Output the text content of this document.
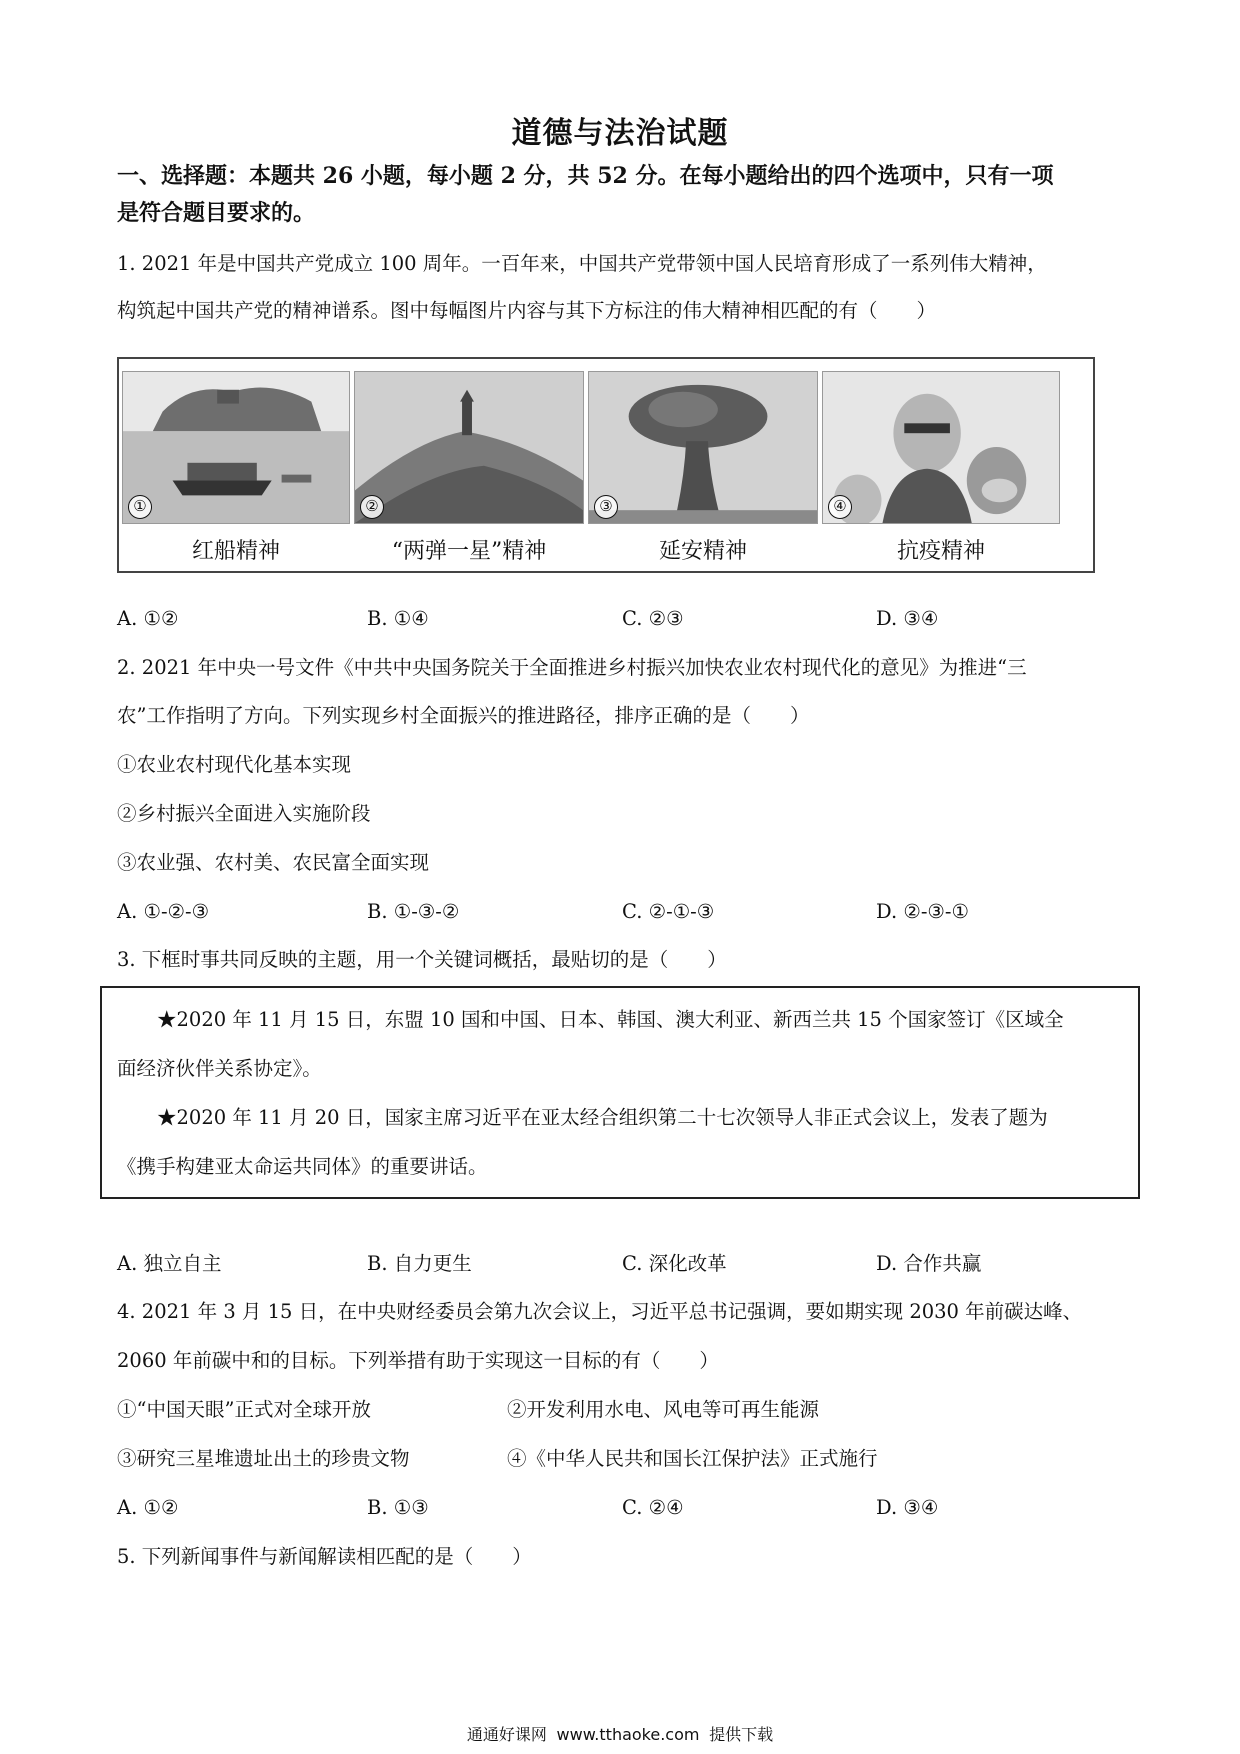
道德与法治试题
一、选择题：本题共 26 小题，每小题 2 分，共 52 分。在每小题给出的四个选项中，只有一项
是符合题目要求的。
1. 2021 年是中国共产党成立 100 周年。一百年来，中国共产党带领中国人民培育形成了一系列伟大精神，
构筑起中国共产党的精神谱系。图中每幅图片内容与其下方标注的伟大精神相匹配的有（　　）
①	②	③	④
红船精神	“两弹一星”精神	延安精神	抗疫精神
A. ①②	B. ①④	C. ②③	D. ③④
2. 2021 年中央一号文件《中共中央国务院关于全面推进乡村振兴加快农业农村现代化的意见》为推进“三
农”工作指明了方向。下列实现乡村全面振兴的推进路径，排序正确的是（　　）
①农业农村现代化基本实现
②乡村振兴全面进入实施阶段
③农业强、农村美、农民富全面实现
A. ①-②-③	B. ①-③-②	C. ②-①-③	D. ②-③-①
3. 下框时事共同反映的主题，用一个关键词概括，最贴切的是（　　）
★2020 年 11 月 15 日，东盟 10 国和中国、日本、韩国、澳大利亚、新西兰共 15 个国家签订《区域全
面经济伙伴关系协定》。
★2020 年 11 月 20 日，国家主席习近平在亚太经合组织第二十七次领导人非正式会议上，发表了题为
《携手构建亚太命运共同体》的重要讲话。
A. 独立自主	B. 自力更生	C. 深化改革	D. 合作共赢
4. 2021 年 3 月 15 日，在中央财经委员会第九次会议上，习近平总书记强调，要如期实现 2030 年前碳达峰、
2060 年前碳中和的目标。下列举措有助于实现这一目标的有（　　）
①“中国天眼”正式对全球开放	②开发利用水电、风电等可再生能源
③研究三星堆遗址出土的珍贵文物	④《中华人民共和国长江保护法》正式施行
A. ①②	B. ①③	C. ②④	D. ③④
5. 下列新闻事件与新闻解读相匹配的是（　　）
通通好课网 www.tthaoke.com 提供下载
